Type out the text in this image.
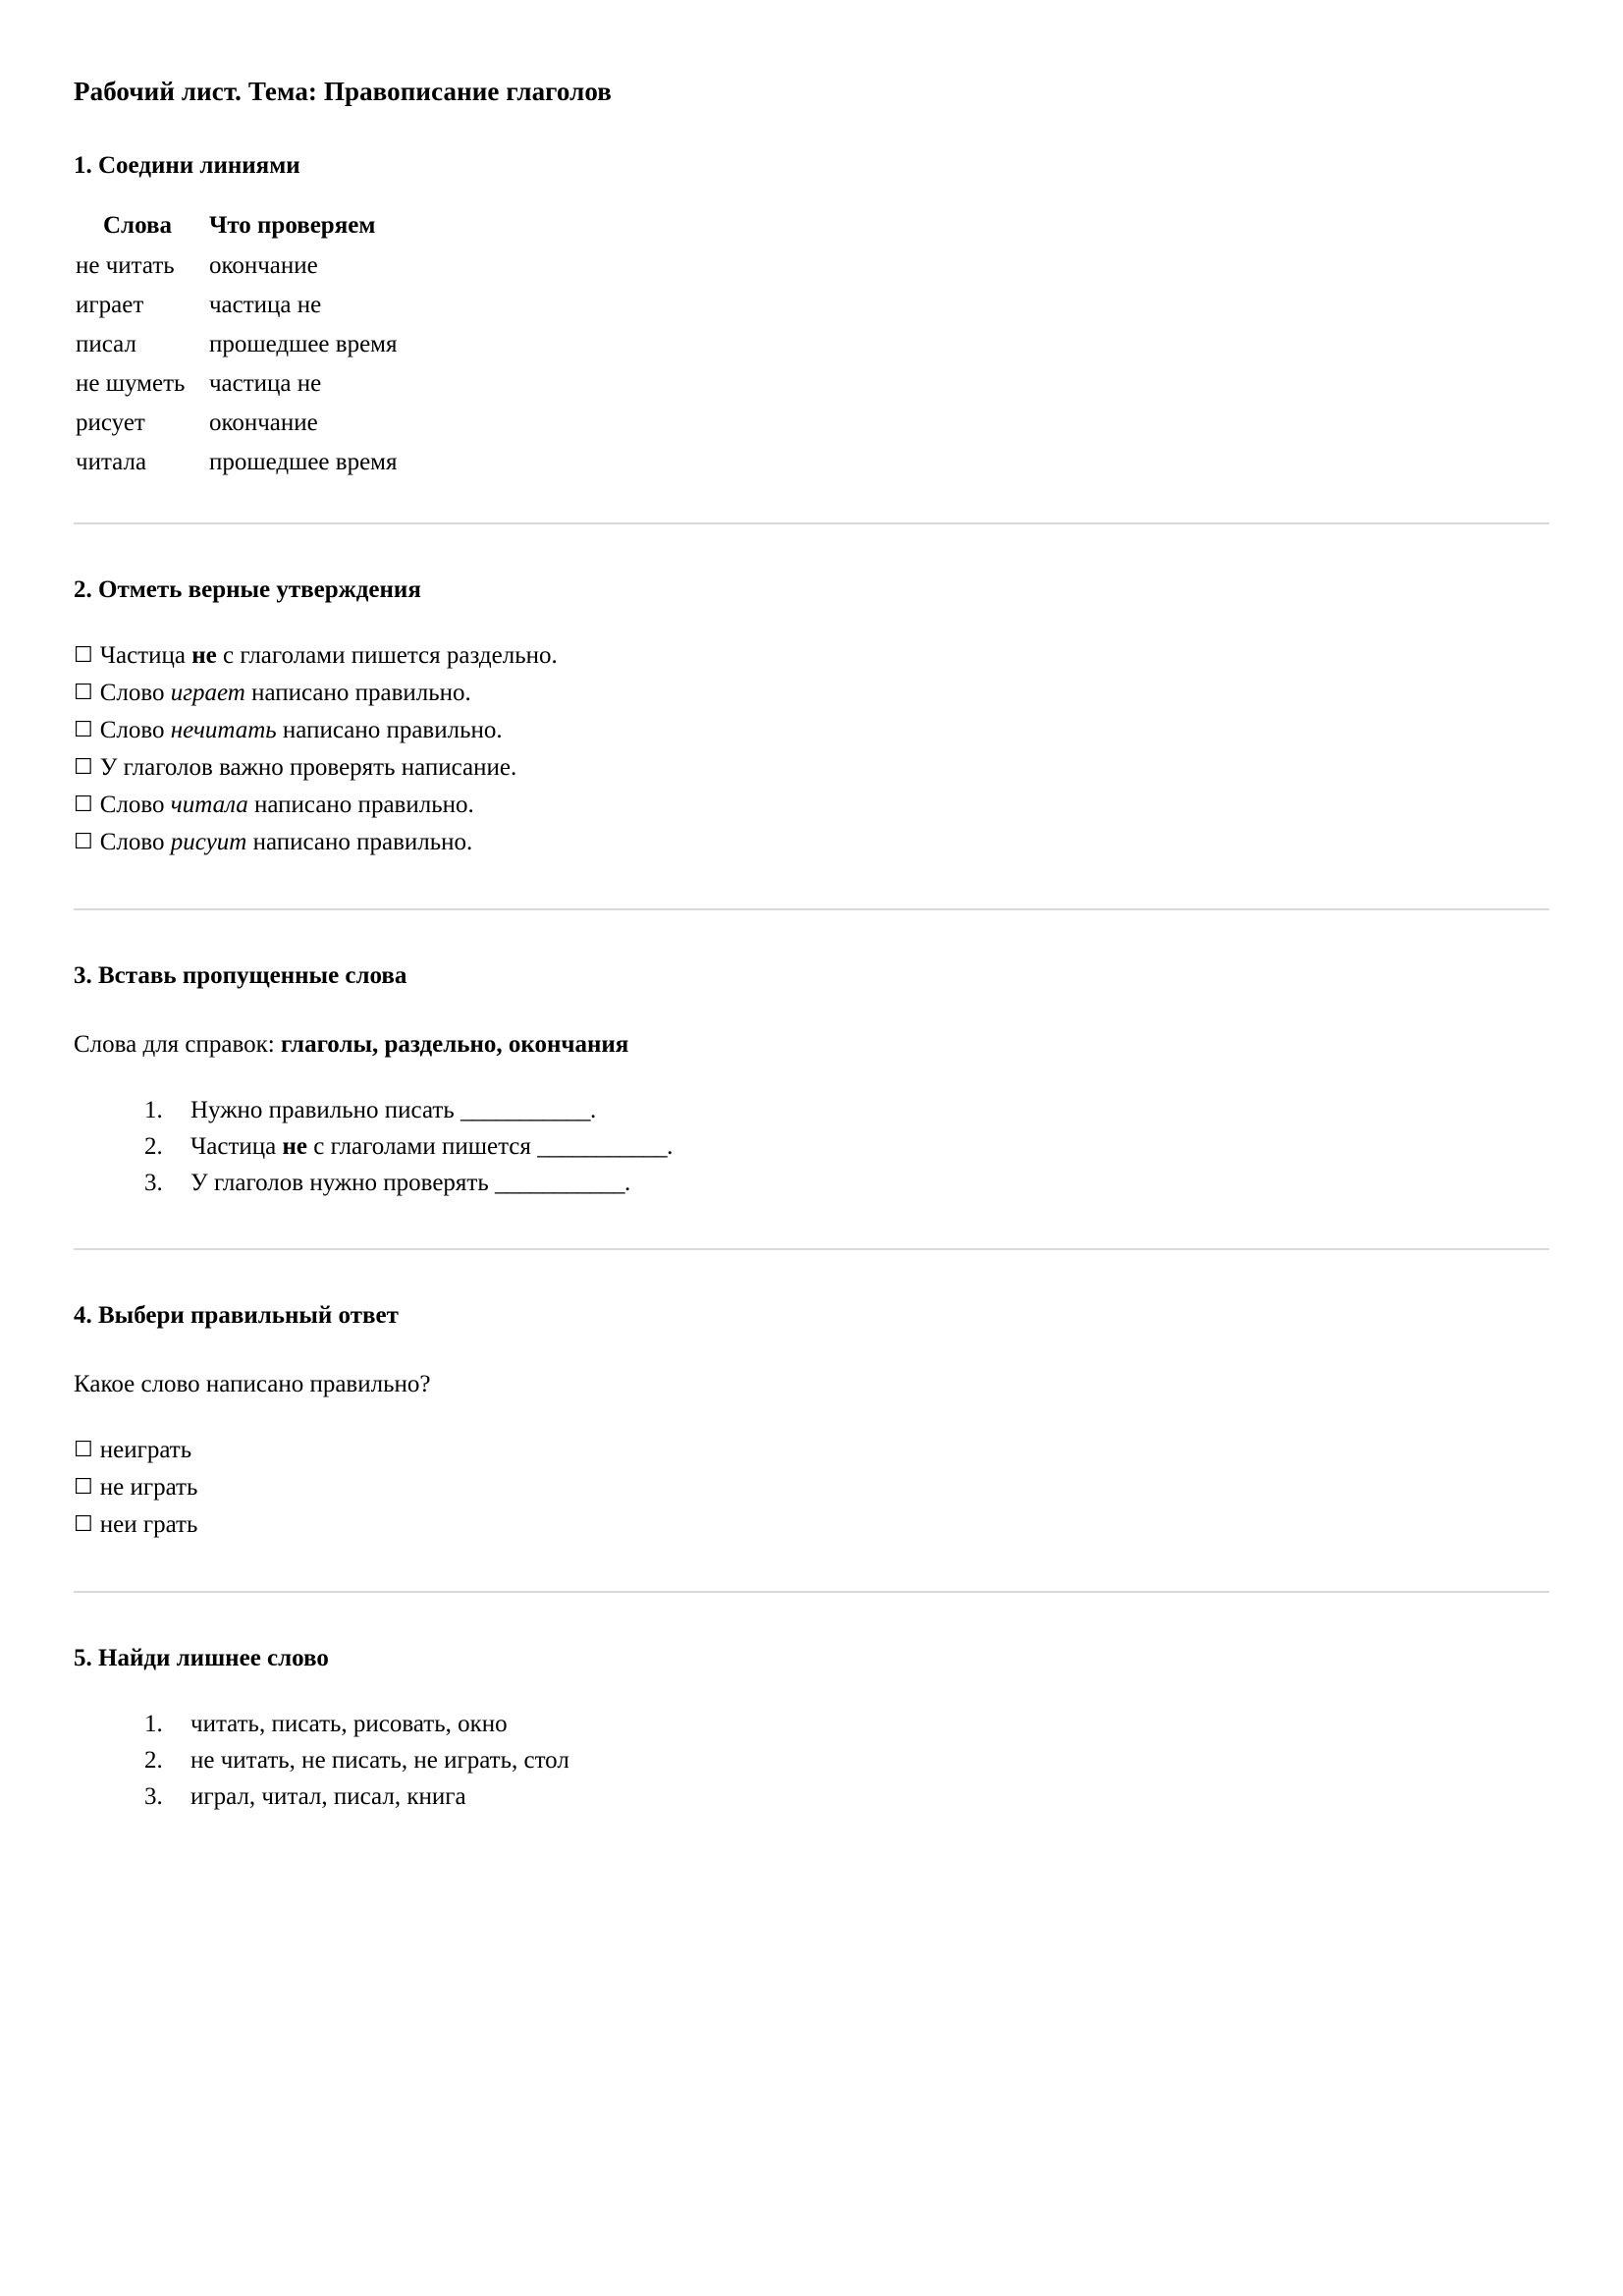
Рабочий лист. Тема: Правописание глаголов
1. Соедини линиями
Слова	Что проверяем
не читать	окончание
играет	частица не
писал	прошедшее время
не шуметь	частица не
рисует	окончание
читала	прошедшее время
2. Отметь верные утверждения
☐ Частица не с глаголами пишется раздельно.
☐ Слово играет написано правильно.
☐ Слово нечитать написано правильно.
☐ У глаголов важно проверять написание.
☐ Слово читала написано правильно.
☐ Слово рисуит написано правильно.
3. Вставь пропущенные слова

Слова для справок: глаголы, раздельно, окончания

1. Нужно правильно писать ___________.
2. Частица не с глаголами пишется ___________.
3. У глаголов нужно проверять ___________.
4. Выбери правильный ответ

Какое слово написано правильно?

☐ неиграть
☐ не играть
☐ неи грать
5. Найди лишнее слово
1. читать, писать, рисовать, окно
2. не читать, не писать, не играть, стол
3. играл, читал, писал, книга
